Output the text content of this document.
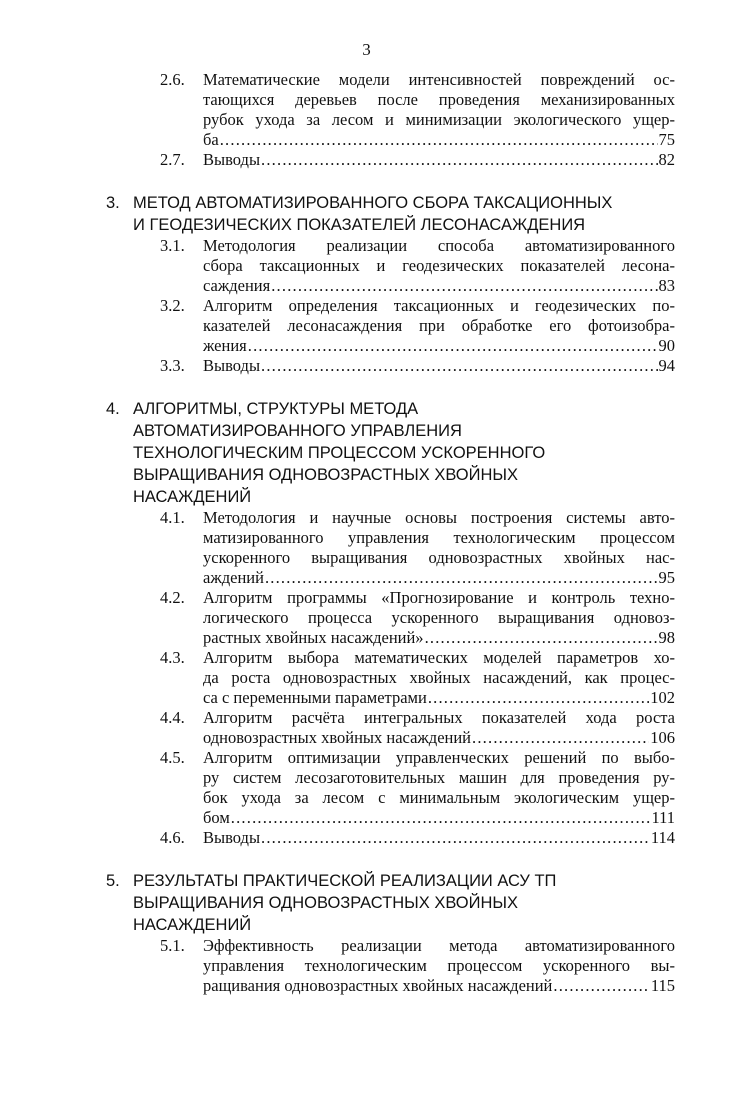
3
2.6. Математические модели интенсивностей повреждений ос-
тающихся деревьев после проведения механизированных
рубок ухода за лесом и минимизации экологического ущер-
ба .....	75
2.7. Выводы .....	82
3. МЕТОД АВТОМАТИЗИРОВАННОГО СБОРА ТАКСАЦИОННЫХ
И ГЕОДЕЗИЧЕСКИХ ПОКАЗАТЕЛЕЙ ЛЕСОНАСАЖДЕНИЯ
3.1. Методология реализации способа автоматизированного
сбора таксационных и геодезических показателей лесона-
саждения .....	83
3.2. Алгоритм определения таксационных и геодезических по-
казателей лесонасаждения при обработке его фотоизобра-
жения .....	90
3.3. Выводы .....	94
4. АЛГОРИТМЫ, СТРУКТУРЫ МЕТОДА
АВТОМАТИЗИРОВАННОГО УПРАВЛЕНИЯ
ТЕХНОЛОГИЧЕСКИМ ПРОЦЕССОМ УСКОРЕННОГО
ВЫРАЩИВАНИЯ ОДНОВОЗРАСТНЫХ ХВОЙНЫХ
НАСАЖДЕНИЙ
4.1. Методология и научные основы построения системы авто-
матизированного управления технологическим процессом
ускоренного выращивания одновозрастных хвойных нас-
аждений .....	95
4.2. Алгоритм программы «Прогнозирование и контроль техно-
логического процесса ускоренного выращивания одновоз-
растных хвойных насаждений» .....	98
4.3. Алгоритм выбора математических моделей параметров хо-
да роста одновозрастных хвойных насаждений, как процес-
са с переменными параметрами .....	102
4.4. Алгоритм расчёта интегральных показателей хода роста
одновозрастных хвойных насаждений .....	106
4.5. Алгоритм оптимизации управленческих решений по выбо-
ру систем лесозаготовительных машин для проведения ру-
бок ухода за лесом с минимальным экологическим ущер-
бом .....	111
4.6. Выводы .....	114
5. РЕЗУЛЬТАТЫ ПРАКТИЧЕСКОЙ РЕАЛИЗАЦИИ АСУ ТП
ВЫРАЩИВАНИЯ ОДНОВОЗРАСТНЫХ ХВОЙНЫХ
НАСАЖДЕНИЙ
5.1. Эффективность реализации метода автоматизированного
управления технологическим процессом ускоренного вы-
ращивания одновозрастных хвойных насаждений .....	115
